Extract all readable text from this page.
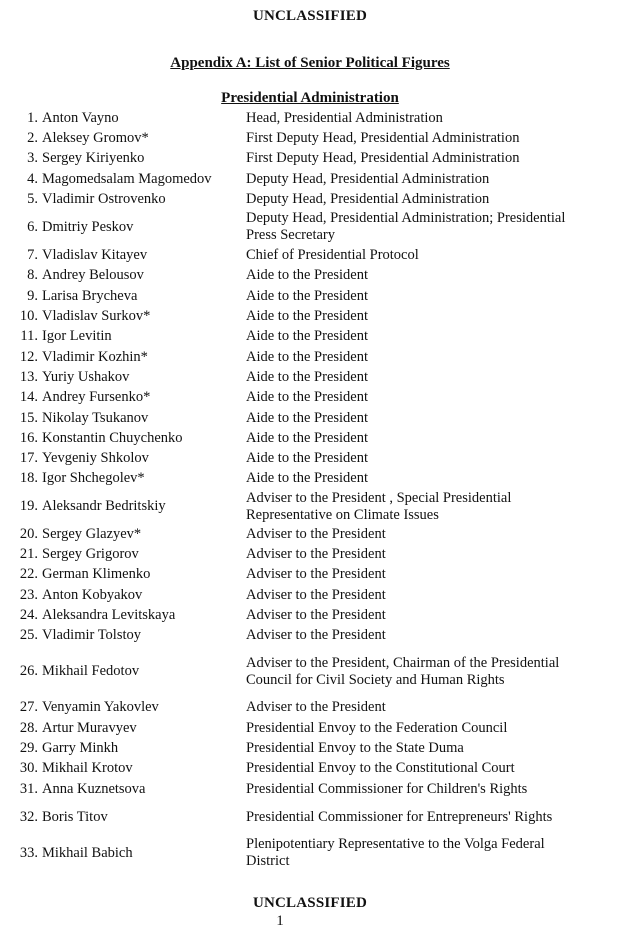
UNCLASSIFIED
Appendix A: List of Senior Political Figures
Presidential Administration
1. Anton Vayno	Head, Presidential Administration
2. Aleksey Gromov*	First Deputy Head, Presidential Administration
3. Sergey Kiriyenko	First Deputy Head, Presidential Administration
4. Magomedsalam Magomedov	Deputy Head, Presidential Administration
5. Vladimir Ostrovenko	Deputy Head, Presidential Administration
6. Dmitriy Peskov
Deputy Head, Presidential Administration; Presidential Press Secretary
7. Vladislav Kitayev	Chief of Presidential Protocol
8. Andrey Belousov	Aide to the President
9. Larisa Brycheva	Aide to the President
10. Vladislav Surkov*	Aide to the President
11. Igor Levitin	Aide to the President
12. Vladimir Kozhin*	Aide to the President
13. Yuriy Ushakov	Aide to the President
14. Andrey Fursenko*	Aide to the President
15. Nikolay Tsukanov	Aide to the President
16. Konstantin Chuychenko	Aide to the President
17. Yevgeniy Shkolov	Aide to the President
18. Igor Shchegolev*	Aide to the President
19. Aleksandr Bedritskiy
Adviser to the President , Special Presidential Representative on Climate Issues
20. Sergey Glazyev*	Adviser to the President
21. Sergey Grigorov	Adviser to the President
22. German Klimenko	Adviser to the President
23. Anton Kobyakov	Adviser to the President
24. Aleksandra Levitskaya	Adviser to the President
25. Vladimir Tolstoy	Adviser to the President
26. Mikhail Fedotov
Adviser to the President, Chairman of the Presidential Council for Civil Society and Human Rights
27. Venyamin Yakovlev	Adviser to the President
28. Artur Muravyev	Presidential Envoy to the Federation Council
29. Garry Minkh	Presidential Envoy to the State Duma
30. Mikhail Krotov	Presidential Envoy to the Constitutional Court
31. Anna Kuznetsova	Presidential Commissioner for Children's Rights
32. Boris Titov	Presidential Commissioner for Entrepreneurs' Rights
33. Mikhail Babich
Plenipotentiary Representative to the Volga Federal District
UNCLASSIFIED
1
